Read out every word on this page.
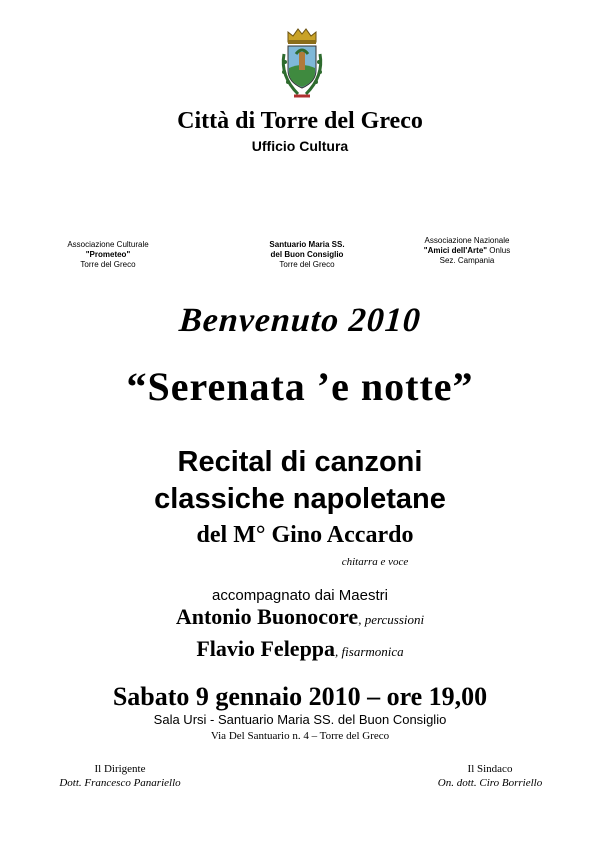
Città di Torre del Greco
Ufficio Cultura
Associazione Culturale
"Prometeo"
Torre del Greco
Santuario Maria SS.
del Buon Consiglio
Torre del Greco
Associazione Nazionale
"Amici dell'Arte" Onlus
Sez. Campania
Benvenuto 2010
“Serenata ’e notte”
Recital di canzoni
classiche napoletane
del M° Gino Accardo
chitarra e voce
accompagnato dai Maestri
Antonio Buonocore, percussioni
Flavio Feleppa, fisarmonica
Sabato 9 gennaio 2010 – ore 19,00
Sala Ursi - Santuario Maria SS. del Buon Consiglio
Via Del Santuario n. 4 – Torre del Greco
Il Dirigente
Dott. Francesco Panariello
Il Sindaco
On. dott. Ciro Borriello
